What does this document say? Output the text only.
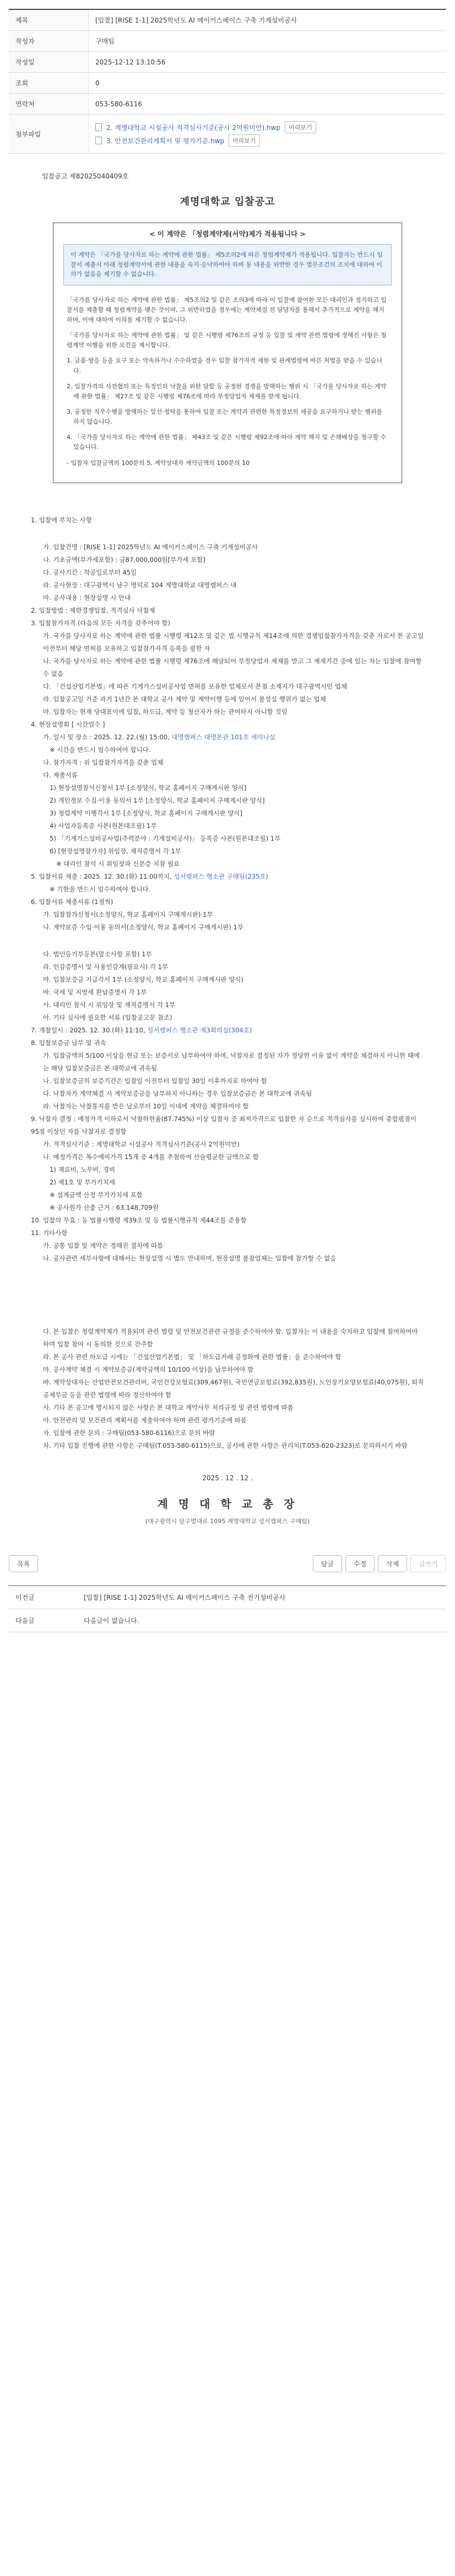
제목	[입찰] [RISE 1-1] 2025학년도 AI 메이커스페이스 구축 기계설비공사
작성자	구매팀
작성일	2025-12-12 13:10:56
조회	0
연락처	053-580-6116
첨부파일	2. 계명대학교 시설공사 적격심사기준(공사 2억원미만).hwp 미리보기
3. 안전보건관리계획서 및 평가기준.hwp 미리보기
입찰공고 제82025040409호
계명대학교 입찰공고
< 이 계약은 「청렴계약제(서약)제가 적용됩니다 >
이 계약은 「국가를 당사자로 하는 계약에 관한 법률」 제5조의2에 따른 청렴계약제가 적용됩니다. 입찰자는 반드시 입찰서 제출시 아래 청렴계약서에 관한 내용을 숙지·승낙하여야 하며 동 내용을 위반한 경우 법무조건의 조치에 대하여 이의가 없음을 제기할 수 없습니다.

「국가를 당사자로 하는 계약에 관한 법률」 제5조의2 및 같은 조의3에 따라 이 입찰에 참여한 모든 대리인과 정직하고 입찰서를 제출할 때 청렴계약을 맺은 것이며, 그 위반하였을 경우에는 계약체결 전 담당자를 통해서 추가적으로 계약을 해지하며, 이에 대하여 이의를 제기할 수 없습니다.

「국가를 당사자로 하는 계약에 관한 법률」 및 같은 시행령 제76조의 규정 등 입찰 및 계약 관련 법령에 정해진 사항은 청렴계약 이행을 위한 요건을 제시합니다.

1. 금품·향응 등을 요구 또는 약속하거나 수수하였을 경우 입찰 참가자격 제한 및 관계법령에 따른 처벌을 받을 수 있습니다.

2. 입찰가격의 사전협의 또는 특정인의 낙찰을 위한 담합 등 공정한 경쟁을 방해하는 행위 시 「국가를 당사자로 하는 계약에 관한 법률」 제27조 및 같은 시행령 제76조에 따라 부정당업자 제재를 받게 됩니다.

3. 공정한 직무수행을 방해하는 알선·청탁을 통하여 입찰 또는 계약과 관련한 특정정보의 제공을 요구하거나 받는 행위를 하지 않습니다.

4. 「국가를 당사자로 하는 계약에 관한 법률」 제43조 및 같은 시행령 제92조에 따라 계약 해지 및 손해배상을 청구할 수 있습니다.

- 입찰자 입찰금액의 100분의 5, 계약상대자 계약금액의 100분의 10

1. 입찰에 부치는 사항
가. 입찰건명 : [RISE 1-1] 2025학년도 AI 메이커스페이스 구축 기계설비공사
나. 기초금액(부가세포함) : 금87,000,000원[부가세 포함]
다. 공사기간 : 착공일로부터 45일
라. 공사현장 : 대구광역시 남구 명덕로 104 계명대학교 대명캠퍼스 내
마. 공사내용 : 현장설명 시 안내
2. 입찰방법 : 제한경쟁입찰, 적격심사 낙찰제
3. 입찰참가자격 (다음의 모든 자격을 갖추어야 함)
가. 국가를 당사자로 하는 계약에 관한 법률 시행령 제12조 및 같은 법 시행규칙 제14조에 의한 경쟁입찰참가자격을 갖춘 자로서 본 공고일 이전부터 해당 면허를 보유하고 입찰참가자격 등록을 필한 자
나. 국가를 당사자로 하는 계약에 관한 법률 시행령 제76조에 해당되어 부정당업자 제재를 받고 그 제재기간 중에 있는 자는 입찰에 참여할 수 없음
다. 「건설산업기본법」에 따른 기계가스설비공사업 면허를 보유한 업체로서 본점 소재지가 대구광역시인 업체
라. 입찰공고일 기준 과거 1년간 본 대학교 공사 계약 및 계약이행 등에 있어서 불성실 행위가 없는 업체
마. 입찰자는 현재 당대표이에 입찰, 하도급, 계약 등 청산자가 하는 관여하지 아니할 것임
4. 현장설명회 [ 시간엄수 ]
가. 일시 및 장소 : 2025. 12. 22.(월) 15:00, 대명캠퍼스 대명본관 101호 세미나실
※ 시간을 반드시 엄수하여야 합니다.
나. 참가자격 : 위 입찰참가자격을 갖춘 업체
다. 제출서류
1) 현장설명참석신청서 1부 [소정양식, 학교 홈페이지 구매게시판 양식]
2) 개인정보 수집·이용 동의서 1부 [소정양식, 학교 홈페이지 구매게시판 양식]
3) 청렴계약 이행각서 1부 [소정양식, 학교 홈페이지 구매게시판 양식]
4) 사업자등록증 사본(원본대조필) 1부
5) 「기계가스설비공사업(주력분야 : 기계설비공사)」 등록증 사본(원본대조필) 1부
6) [현장설명참가자] 위임장, 재직증명서 각 1부
※ 대리인 참석 시 위임장과 신분증 지참 필요
5. 입찰서류 제출 : 2025. 12. 30.(화) 11:00까지, 성서캠퍼스 행소관 구매팀(235호)
※ 기한을 반드시 엄수하여야 합니다.
6. 입찰서류 제출서류 (1점씩)
가. 입찰참가신청서(소정양식, 학교 홈페이지 구매게시판) 1부
나. 계약보증 수입·이용 동의서(소정양식, 학교 홈페이지 구매게시판) 1부
다. 법인등기부등본(말소사항 포함) 1부
라. 인감증명서 및 사용인감계(필요시) 각 1부
마. 입찰보증금 지급각서 1부 (소정양식, 학교 홈페이지 구매게시판 양식)
바. 국세 및 지방세 완납증명서 각 1부
사. 대리인 참석 시 위임장 및 재직증명서 각 1부
아. 기타 심사에 필요한 서류 (입찰공고문 참조)
7. 개찰일시 : 2025. 12. 30.(화) 11:10, 성서캠퍼스 행소관 제3회의실(304호)
8. 입찰보증금 납부 및 귀속
가. 입찰금액의 5/100 이상을 현금 또는 보증서로 납부하여야 하며, 낙찰자로 결정된 자가 정당한 이유 없이 계약을 체결하지 아니한 때에는 해당 입찰보증금은 본 대학교에 귀속됨
나. 입찰보증금의 보증기간은 입찰일 이전부터 입찰일 30일 이후까지로 하여야 함
다. 낙찰자가 계약체결 시 계약보증금을 납부하지 아니하는 경우 입찰보증금은 본 대학교에 귀속됨
라. 낙찰자는 낙찰통지를 받은 날로부터 10일 이내에 계약을 체결하여야 함
9. 낙찰자 결정 : 예정가격 이하로서 낙찰하한율(87.745%) 이상 입찰자 중 최저가격으로 입찰한 자 순으로 적격심사를 실시하여 종합평점이 95점 이상인 자를 낙찰자로 결정함
가. 적격심사기준 : 계명대학교 시설공사 적격심사기준(공사 2억원미만)
나. 예정가격은 복수예비가격 15개 중 4개를 추첨하여 산술평균한 금액으로 함
1) 재료비, 노무비, 경비
2) 제1호 및 부가가치세
※ 설계금액 산정 부가가치세 포함
※ 공사원가 산출 근거 : 63,148,709원
10. 입찰의 무효 : 등 법률시행령 제39조 및 등 법률시행규칙 제44조를 준용함
11. 기타사항
가. 공통 입찰 및 계약은 정해진 절차에 따름
나. 공사관련 세부사항에 대해서는 현장설명 시 별도 안내하며, 현장설명 불참업체는 입찰에 참가할 수 없음
다. 본 입찰은 청렴계약제가 적용되며 관련 법령 및 안전보건관련 규정을 준수하여야 함. 입찰자는 이 내용을 숙지하고 입찰에 참여하여야 하며 입찰 참여 시 동의한 것으로 간주함
라. 본 공사 관련 하도급 시에는 「건설산업기본법」 및 「하도급거래 공정화에 관한 법률」을 준수하여야 함
마. 공사계약 체결 시 계약보증금(계약금액의 10/100 이상)을 납부하여야 함
바. 계약상대자는 산업안전보건관리비, 국민건강보험료(309,467원), 국민연금보험료(392,835원), 노인장기요양보험료(40,075원), 퇴직공제부금 등을 관련 법령에 따라 정산하여야 함
사. 기타 본 공고에 명시되지 않은 사항은 본 대학교 계약사무 처리규정 및 관련 법령에 따름
아. 안전관리 및 보건관리 계획서를 제출하여야 하며 관련 평가기준에 따름
자. 입찰에 관한 문의 : 구매팀(053-580-6116)으로 문의 바람
차. 기타 입찰 진행에 관한 사항은 구매팀(T.053-580-6115)으로, 공사에 관한 사항은 관리처(T.053-620-2323)로 문의하시기 바람
2025 . 12 . 12 .
계 명 대 학 교 총 장
(대구광역시 달구벌대로 1095 계명대학교 성서캠퍼스 구매팀)
목록	답글	수정	삭제	글쓰기
이전글	[입찰] [RISE 1-1] 2025학년도 AI 메이커스페이스 구축 전기설비공사
다음글	다음글이 없습니다.
